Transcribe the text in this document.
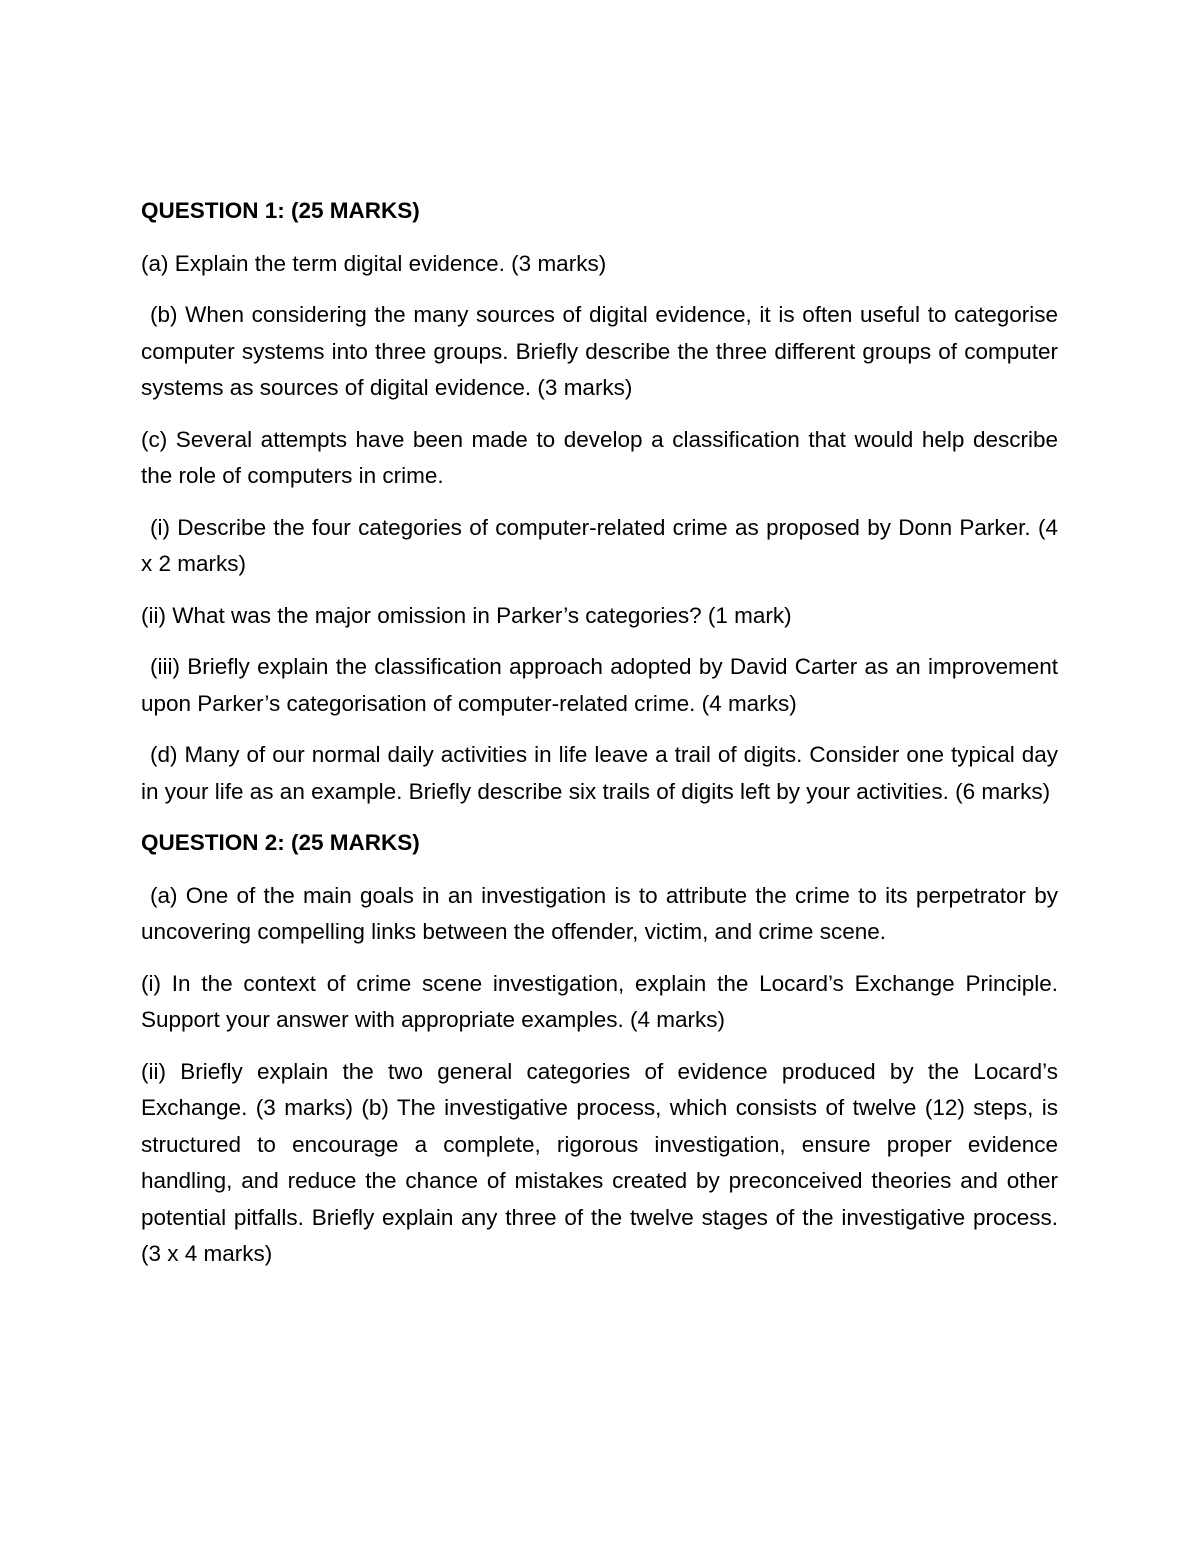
QUESTION 1: (25 MARKS)

(a) Explain the term digital evidence. (3 marks)

(b) When considering the many sources of digital evidence, it is often useful to categorise computer systems into three groups. Briefly describe the three different groups of computer systems as sources of digital evidence. (3 marks)

(c) Several attempts have been made to develop a classification that would help describe the role of computers in crime.

(i) Describe the four categories of computer-related crime as proposed by Donn Parker. (4 x 2 marks)

(ii) What was the major omission in Parker’s categories? (1 mark)

(iii) Briefly explain the classification approach adopted by David Carter as an improvement upon Parker’s categorisation of computer-related crime. (4 marks)

(d) Many of our normal daily activities in life leave a trail of digits. Consider one typical day in your life as an example. Briefly describe six trails of digits left by your activities. (6 marks)

QUESTION 2: (25 MARKS)

(a) One of the main goals in an investigation is to attribute the crime to its perpetrator by uncovering compelling links between the offender, victim, and crime scene.

(i) In the context of crime scene investigation, explain the Locard’s Exchange Principle. Support your answer with appropriate examples. (4 marks)

(ii) Briefly explain the two general categories of evidence produced by the Locard’s Exchange. (3 marks) (b) The investigative process, which consists of twelve (12) steps, is structured to encourage a complete, rigorous investigation, ensure proper evidence handling, and reduce the chance of mistakes created by preconceived theories and other potential pitfalls. Briefly explain any three of the twelve stages of the investigative process. (3 x 4 marks)
